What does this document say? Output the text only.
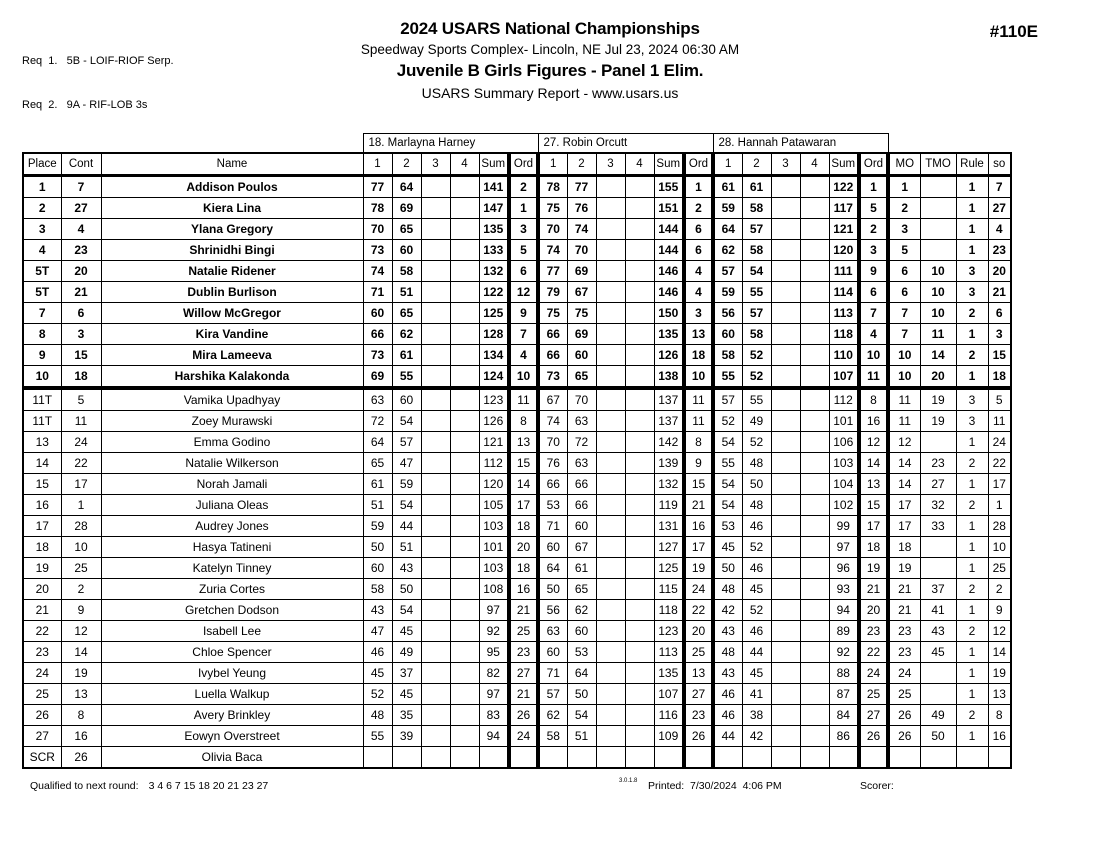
Req  1.   5B - LOIF-RIOF Serp.

Req  2.   9A - RIF-LOB 3s

2024 USARS National Championships
Speedway Sports Complex- Lincoln, NE Jul 23, 2024 06:30 AM
Juvenile B Girls Figures - Panel 1 Elim.
USARS Summary Report - www.usars.us
#110E
			18. Marlayna Harney						27. Robin Orcutt						28. Hannah Patawaran									
Place	Cont	Name	1	2	3	4	Sum	Ord	1	2	3	4	Sum	Ord	1	2	3	4	Sum	Ord	MO	TMO	Rule	so
1	7	Addison Poulos	77	64			141	2	78	77			155	1	61	61			122	1	1		1	7
2	27	Kiera Lina	78	69			147	1	75	76			151	2	59	58			117	5	2		1	27
3	4	Ylana Gregory	70	65			135	3	70	74			144	6	64	57			121	2	3		1	4
4	23	Shrinidhi Bingi	73	60			133	5	74	70			144	6	62	58			120	3	5		1	23
5T	20	Natalie Ridener	74	58			132	6	77	69			146	4	57	54			111	9	6	10	3	20
5T	21	Dublin Burlison	71	51			122	12	79	67			146	4	59	55			114	6	6	10	3	21
7	6	Willow McGregor	60	65			125	9	75	75			150	3	56	57			113	7	7	10	2	6
8	3	Kira Vandine	66	62			128	7	66	69			135	13	60	58			118	4	7	11	1	3
9	15	Mira Lameeva	73	61			134	4	66	60			126	18	58	52			110	10	10	14	2	15
10	18	Harshika Kalakonda	69	55			124	10	73	65			138	10	55	52			107	11	10	20	1	18
11T	5	Vamika Upadhyay	63	60			123	11	67	70			137	11	57	55			112	8	11	19	3	5
11T	11	Zoey Murawski	72	54			126	8	74	63			137	11	52	49			101	16	11	19	3	11
13	24	Emma Godino	64	57			121	13	70	72			142	8	54	52			106	12	12		1	24
14	22	Natalie Wilkerson	65	47			112	15	76	63			139	9	55	48			103	14	14	23	2	22
15	17	Norah Jamali	61	59			120	14	66	66			132	15	54	50			104	13	14	27	1	17
16	1	Juliana Oleas	51	54			105	17	53	66			119	21	54	48			102	15	17	32	2	1
17	28	Audrey Jones	59	44			103	18	71	60			131	16	53	46			99	17	17	33	1	28
18	10	Hasya Tatineni	50	51			101	20	60	67			127	17	45	52			97	18	18		1	10
19	25	Katelyn Tinney	60	43			103	18	64	61			125	19	50	46			96	19	19		1	25
20	2	Zuria Cortes	58	50			108	16	50	65			115	24	48	45			93	21	21	37	2	2
21	9	Gretchen Dodson	43	54			97	21	56	62			118	22	42	52			94	20	21	41	1	9
22	12	Isabell Lee	47	45			92	25	63	60			123	20	43	46			89	23	23	43	2	12
23	14	Chloe Spencer	46	49			95	23	60	53			113	25	48	44			92	22	23	45	1	14
24	19	Ivybel Yeung	45	37			82	27	71	64			135	13	43	45			88	24	24		1	19
25	13	Luella Walkup	52	45			97	21	57	50			107	27	46	41			87	25	25		1	13
26	8	Avery Brinkley	48	35			83	26	62	54			116	23	46	38			84	27	26	49	2	8
27	16	Eowyn Overstreet	55	39			94	24	58	51			109	26	44	42			86	26	26	50	1	16
SCR	26	Olivia Baca																						
Qualified to next round: 3 4 6 7 15 18 20 21 23 27	3.0.1.8 Printed:  7/30/2024  4:06 PM	Scorer:
